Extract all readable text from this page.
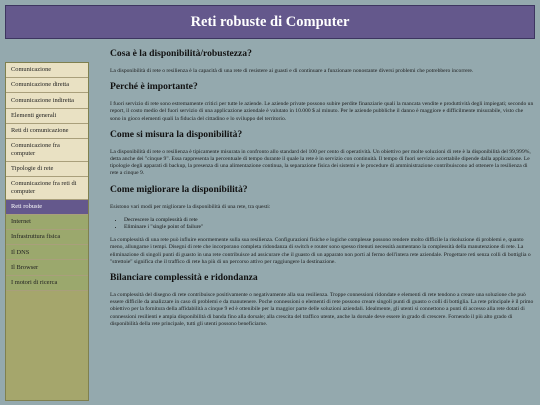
Reti robuste di Computer
Comunicazione
Comunicazione diretta
Comunicazione indiretta
Elementi generali
Reti di comunicazione
Comunicazione fra computer
Tipologie di rete
Comunicazione fra reti di computer
Reti robuste
Internet
Infrastruttura fisica
Il DNS
Il Browser
I motori di ricerca
Cosa è la disponibilità/robustezza?

La disponibilità di rete o resilienza è la capacità di una rete di resistere ai guasti e di continuare a funzionare nonostante diversi problemi che potrebbero incorrere.

Perché è importante?

I fuori servizio di rete sono estremamente critici per tutte le aziende. Le aziende private possono subire perdite finanziarie quali la mancata vendite e produttività degli impiegati; secondo un report, il costo medio del fuori servizio di una applicazione aziendale è valutato in 10.000 $ al minuto. Per le aziende pubbliche il danno è maggiore e difficilmente misurabile, visto che sono in gioco elementi quali la fiducia del cittadino e lo sviluppo del territorio.

Come si misura la disponibilità?

La disponibilità di rete o resilienza è tipicamente misurata in confronto allo standard del 100 per cento di operatività. Un obiettivo per molte soluzioni di rete è la disponibilità del 99,999%, detta anche dei "cinque 9". Essa rappresenta la percentuale di tempo durante il quale la rete è in servizio con continuità. Il tempo di fuori servizio accettabile dipende dalla applicazione. Le tipologie degli apparati di backup, la presenza di una alimentazione continua, la separazione fisica dei sistemi e le procedure di amministrazione contribuiscono ad ottenere la resilienza di rete a cinque 9.

Come migliorare la disponibilità?

Esistono vari modi per migliorare la disponibilità di una rete, tra questi:

• Decrescere la complessità di rete
• Eliminare i "single point of failure"

La complessità di una rete può influire enormemente sulla sua resilienza. Configurazioni fisiche e logiche complesse possono rendere molto difficile la risoluzione di problemi e, quanto meno, allungarne i tempi. Disegni di rete che incorporano completa ridondanza di switch e router sono spesso ritenuti necessità aumentano la complessità della manutenzione di rete. La eliminazione di singoli punti di guasto in una rete contribuisce ad assicurare che il guasto di un apparato non porti al fermo dell'intera rete aziendale. Progettare reti senza colli di bottiglia o "strettoie" significa che il traffico di rete ha più di un percorso attivo per raggiungere la destinazione.

Bilanciare complessità e ridondanza

La complessità del disegno di rete contribuisce positivamente o negativamente alla sua resilienza. Troppe connessioni ridondate e elementi di rete tendono a creare una soluzione che può essere difficile da analizzare in caso di problemi e da manutenere. Poche connessioni o elementi di rete possono creare singoli punti di guasto o colli di bottiglia. La rete principale è il primo obiettivo per la fornitura della affidabilità a cinque 9 ed è ottenibile per la maggior parte delle soluzioni aziendali. Idealmente, gli utenti si connettono a punti di accesso alla rete dotati di connessioni resilienti e ampia disponibilità di banda fino alla dorsale; alla crescita del traffico utente, anche la dorsale deve essere in grado di crescere. Fornendo il più alto grado di disponibilità della rete principale, tutti gli utenti possono beneficiarne.
